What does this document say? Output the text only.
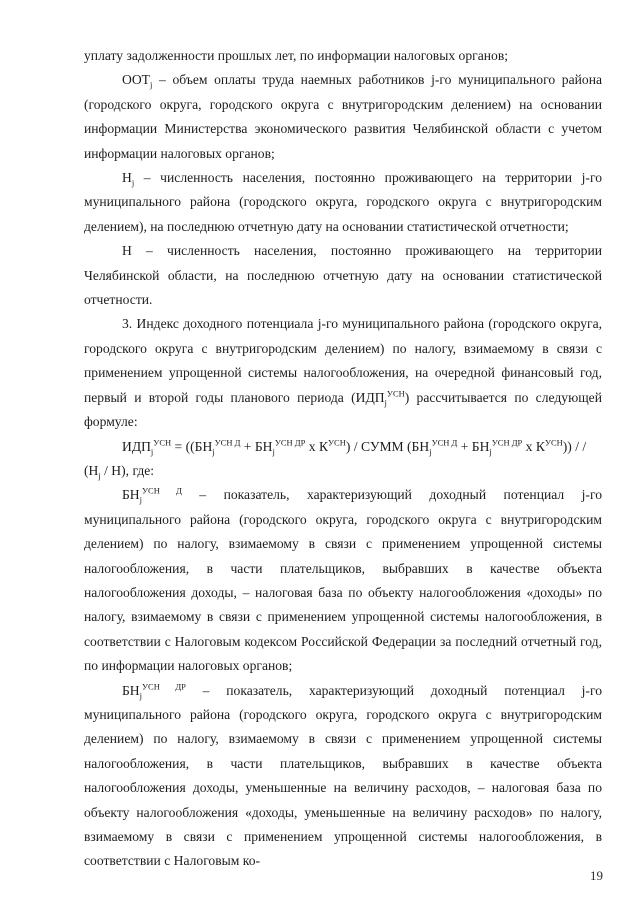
уплату задолженности прошлых лет, по информации налоговых органов;

$ООТ_j$ – объем оплаты труда наемных работников j-го муниципального района (городского округа, городского округа с внутригородским делением) на основании информации Министерства экономического развития Челябинской области с учетом информации налоговых органов;

$Н_j$ – численность населения, постоянно проживающего на территории j-го муниципального района (городского округа, городского округа с внутригородским делением), на последнюю отчетную дату на основании статистической отчетности;

Н – численность населения, постоянно проживающего на территории Челябинской области, на последнюю отчетную дату на основании статистической отчетности.

3. Индекс доходного потенциала j-го муниципального района (городского округа, городского округа с внутригородским делением) по налогу, взимаемому в связи с применением упрощенной системы налогообложения, на очередной финансовый год, первый и второй годы планового периода $(ИДП_j^{УСН})$ рассчитывается по следующей формуле:

$ИДП_j^{УСН} = ((БН_j^{УСН Д} + БН_j^{УСН ДР}$ x $К^{УСН}$) / СУММ ($БН_j^{УСН Д} + БН_j^{УСН ДР}$ x $К^{УСН}$)) / / $(Н_j / Н)$, где:

$БН_j^{УСН Д}$ – показатель, характеризующий доходный потенциал j-го муниципального района (городского округа, городского округа с внутригородским делением) по налогу, взимаемому в связи с применением упрощенной системы налогообложения, в части плательщиков, выбравших в качестве объекта налогообложения доходы, – налоговая база по объекту налогообложения «доходы» по налогу, взимаемому в связи с применением упрощенной системы налогообложения, в соответствии с Налоговым кодексом Российской Федерации за последний отчетный год, по информации налоговых органов;

$БН_j^{УСН ДР}$ – показатель, характеризующий доходный потенциал j-го муниципального района (городского округа, городского округа с внутригородским делением) по налогу, взимаемому в связи с применением упрощенной системы налогообложения, в части плательщиков, выбравших в качестве объекта налогообложения доходы, уменьшенные на величину расходов, – налоговая база по объекту налогообложения «доходы, уменьшенные на величину расходов» по налогу, взимаемому в связи с применением упрощенной системы налогообложения, в соответствии с Налоговым ко-

19
